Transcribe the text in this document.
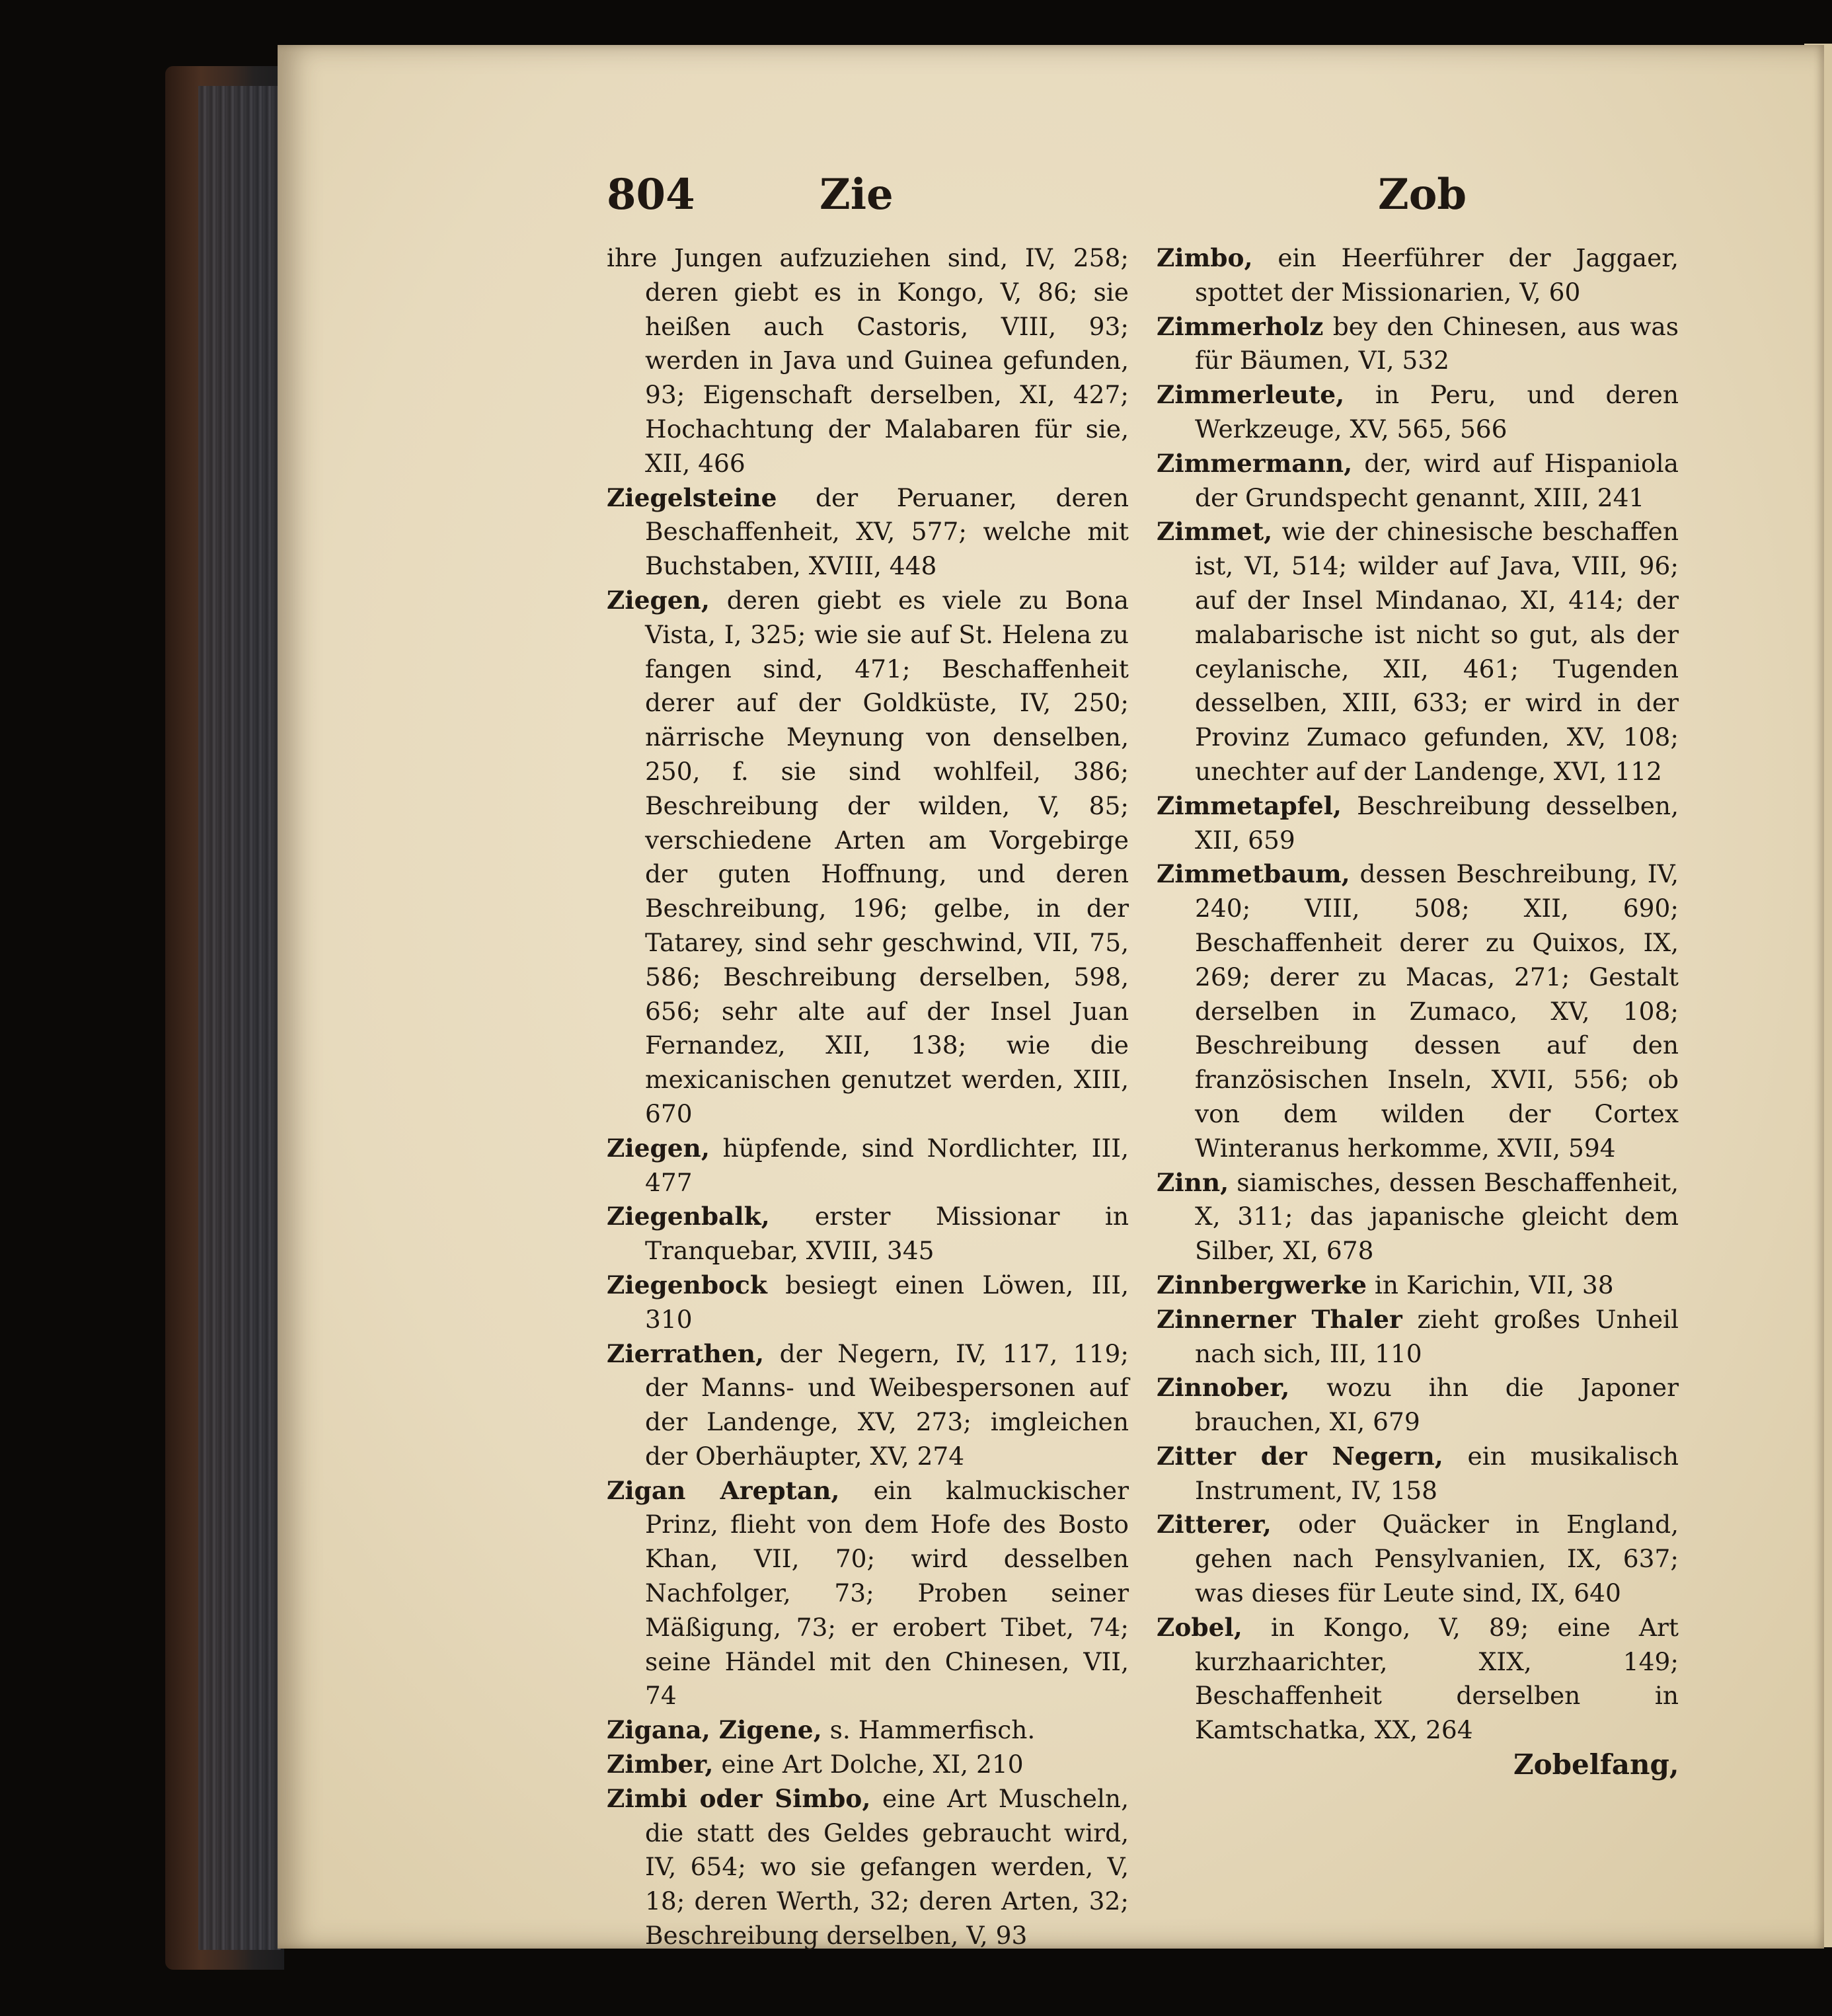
804	Zie	Zob

ihre Jungen aufzuziehen sind, IV, 258; deren giebt es in Kongo, V, 86; sie heißen auch Castoris, VIII, 93; werden in Java und Guinea gefunden, 93; Eigenschaft derselben, XI, 427; Hochachtung der Malabaren für sie, XII, 466

Ziegelsteine der Peruaner, deren Beschaffenheit, XV, 577; welche mit Buchstaben, XVIII, 448

Ziegen, deren giebt es viele zu Bona Vista, I, 325; wie sie auf St. Helena zu fangen sind, 471; Beschaffenheit derer auf der Goldküste, IV, 250; närrische Meynung von denselben, 250, f. sie sind wohlfeil, 386; Beschreibung der wilden, V, 85; verschiedene Arten am Vorgebirge der guten Hoffnung, und deren Beschreibung, 196; gelbe, in der Tatarey, sind sehr geschwind, VII, 75, 586; Beschreibung derselben, 598, 656; sehr alte auf der Insel Juan Fernandez, XII, 138; wie die mexicanischen genutzet werden, XIII, 670

Ziegen, hüpfende, sind Nordlichter, III, 477

Ziegenbalk, erster Missionar in Tranquebar, XVIII, 345

Ziegenbock besiegt einen Löwen, III, 310

Zierrathen, der Negern, IV, 117, 119; der Manns- und Weibespersonen auf der Landenge, XV, 273; imgleichen der Oberhäupter, XV, 274

Zigan Areptan, ein kalmuckischer Prinz, flieht von dem Hofe des Bosto Khan, VII, 70; wird desselben Nachfolger, 73; Proben seiner Mäßigung, 73; er erobert Tibet, 74; seine Händel mit den Chinesen, VII, 74

Zigana, Zigene, s. Hammerfisch.

Zimber, eine Art Dolche, XI, 210

Zimbi oder Simbo, eine Art Muscheln, die statt des Geldes gebraucht wird, IV, 654; wo sie gefangen werden, V, 18; deren Werth, 32; deren Arten, 32; Beschreibung derselben, V, 93

Zimbo, ein Heerführer der Jaggaer, spottet der Missionarien, V, 60

Zimmerholz bey den Chinesen, aus was für Bäumen, VI, 532

Zimmerleute, in Peru, und deren Werkzeuge, XV, 565, 566

Zimmermann, der, wird auf Hispaniola der Grundspecht genannt, XIII, 241

Zimmet, wie der chinesische beschaffen ist, VI, 514; wilder auf Java, VIII, 96; auf der Insel Mindanao, XI, 414; der malabarische ist nicht so gut, als der ceylanische, XII, 461; Tugenden desselben, XIII, 633; er wird in der Provinz Zumaco gefunden, XV, 108; unechter auf der Landenge, XVI, 112

Zimmetapfel, Beschreibung desselben, XII, 659

Zimmetbaum, dessen Beschreibung, IV, 240; VIII, 508; XII, 690; Beschaffenheit derer zu Quixos, IX, 269; derer zu Macas, 271; Gestalt derselben in Zumaco, XV, 108; Beschreibung dessen auf den französischen Inseln, XVII, 556; ob von dem wilden der Cortex Winteranus herkomme, XVII, 594

Zinn, siamisches, dessen Beschaffenheit, X, 311; das japanische gleicht dem Silber, XI, 678

Zinnbergwerke in Karichin, VII, 38

Zinnerner Thaler zieht großes Unheil nach sich, III, 110

Zinnober, wozu ihn die Japoner brauchen, XI, 679

Zitter der Negern, ein musikalisch Instrument, IV, 158

Zitterer, oder Quäcker in England, gehen nach Pensylvanien, IX, 637; was dieses für Leute sind, IX, 640

Zobel, in Kongo, V, 89; eine Art kurzhaarichter, XIX, 149; Beschaffenheit derselben in Kamtschatka, XX, 264

Zobelfang,
